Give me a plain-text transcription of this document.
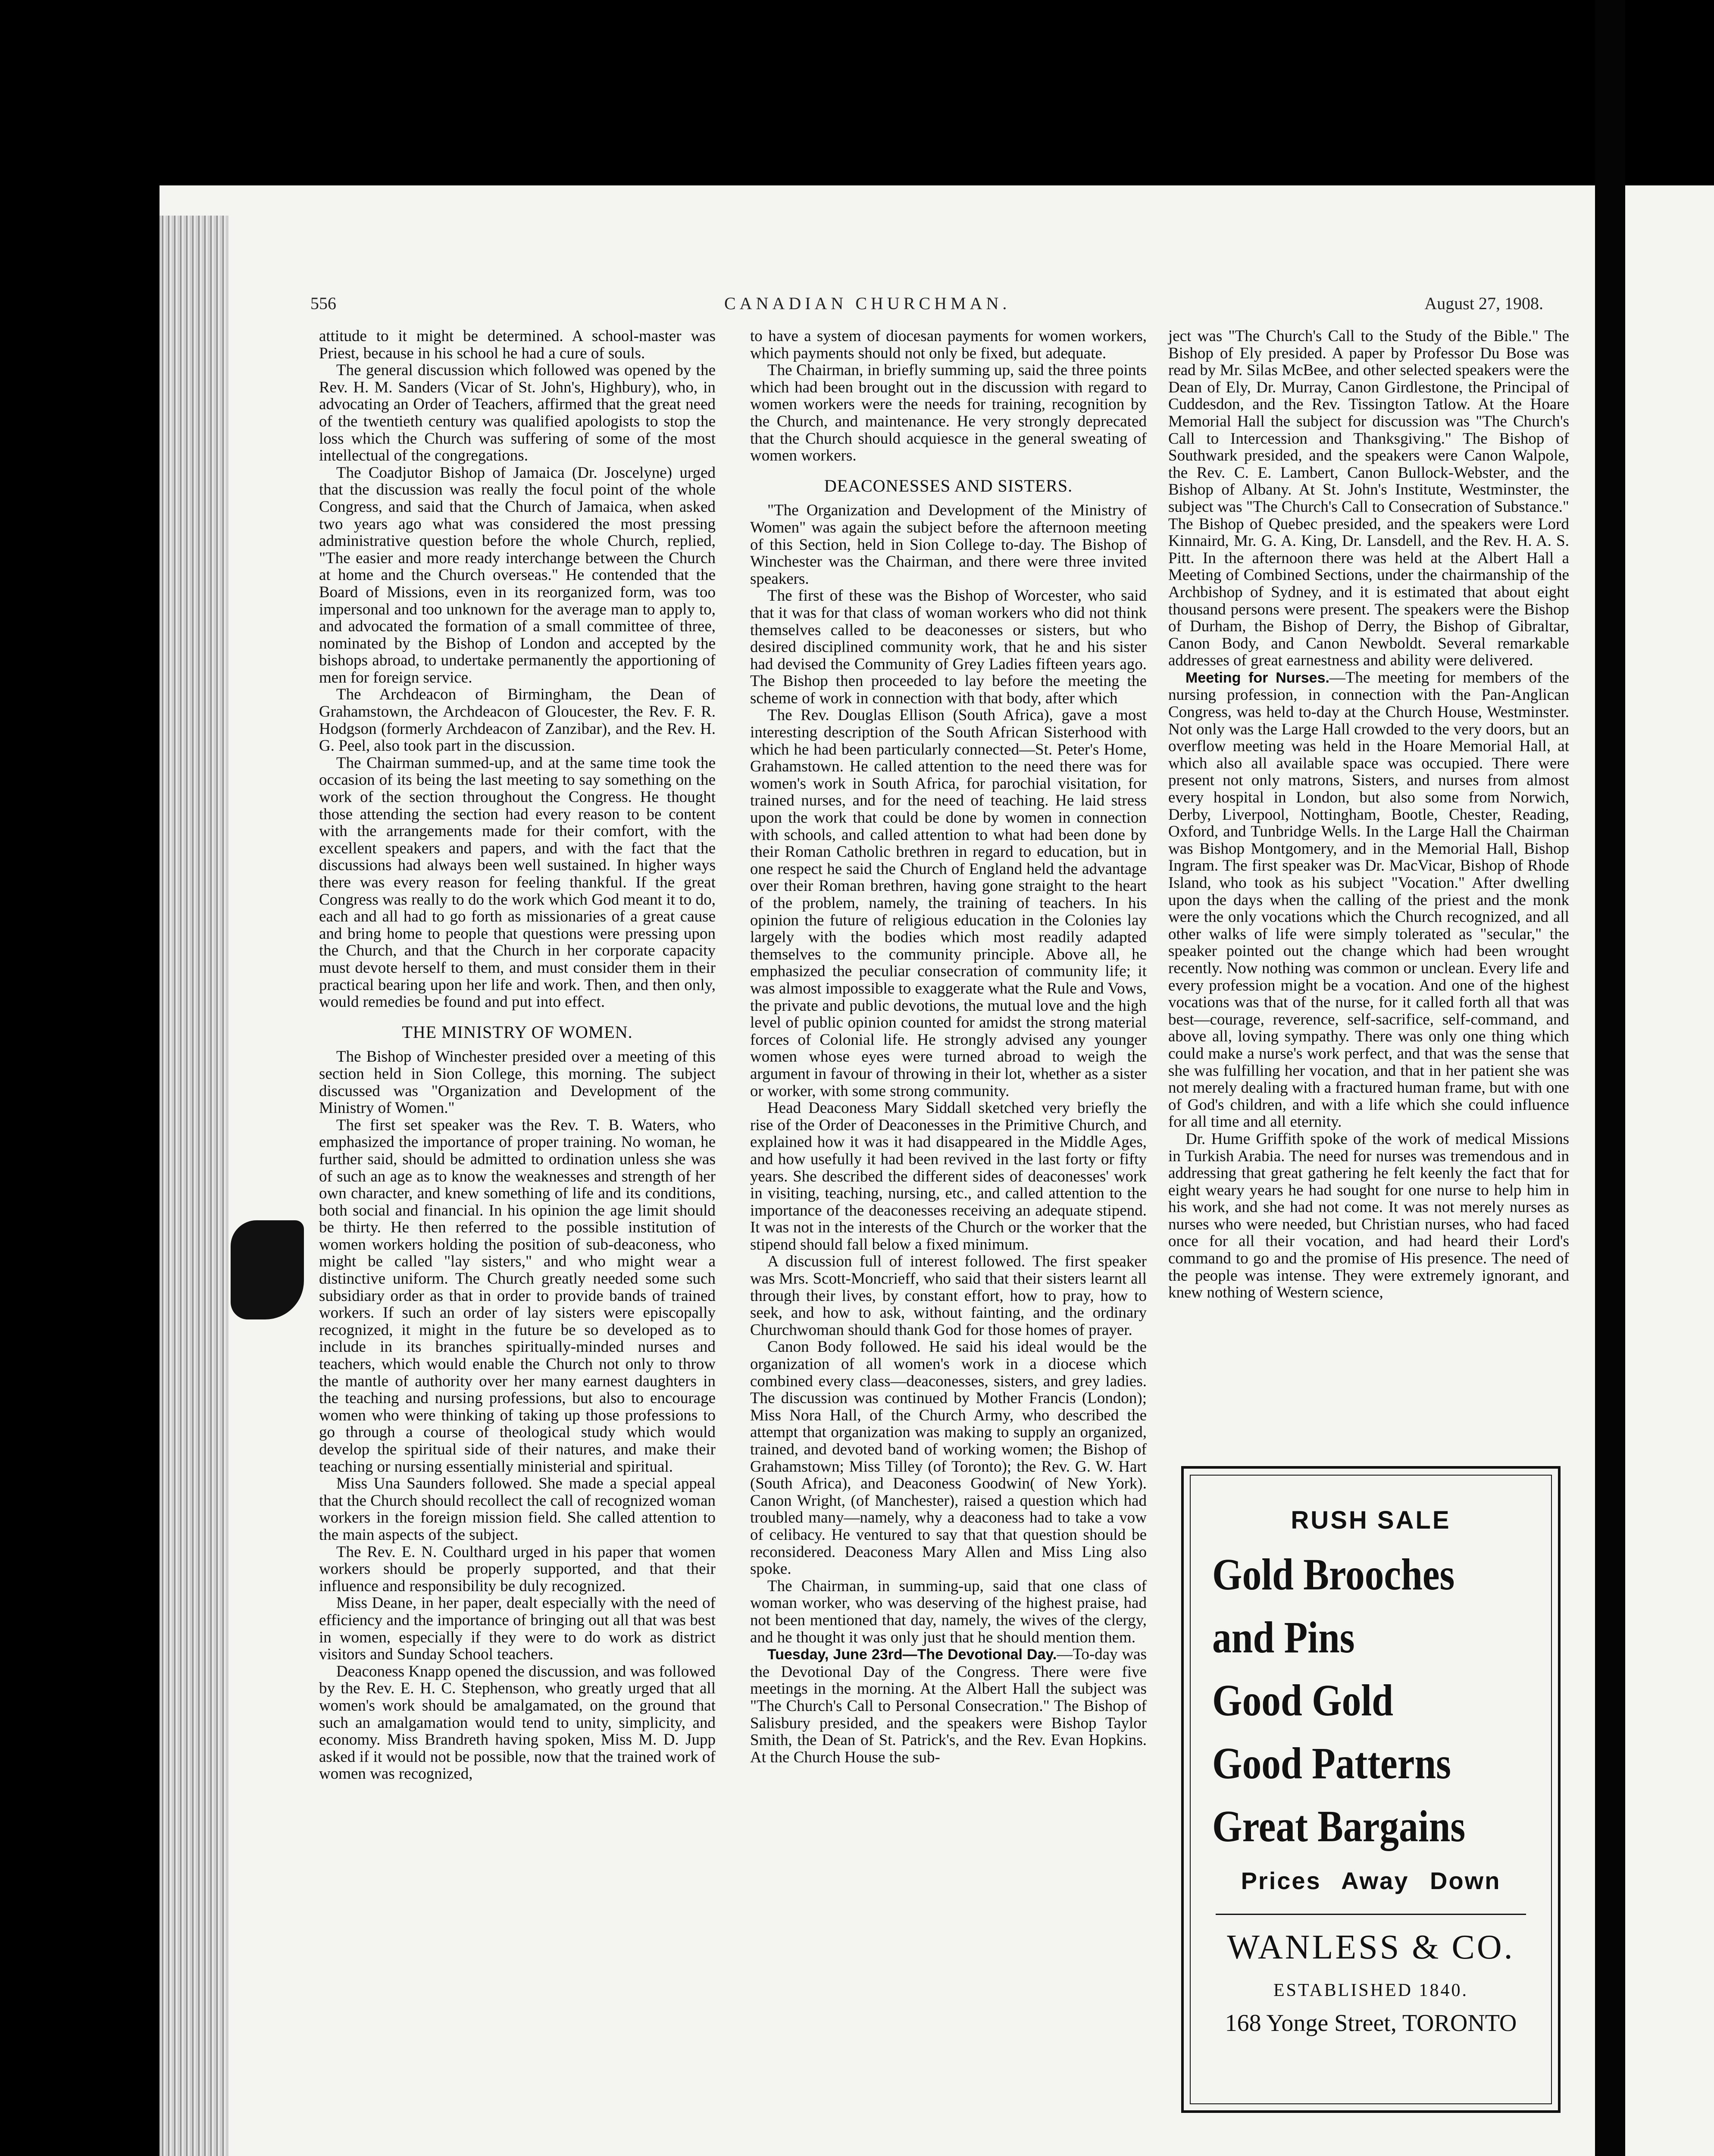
556	CANADIAN CHURCHMAN.	August 27, 1908.

attitude to it might be determined. A school-master was Priest, because in his school he had a cure of souls.

The general discussion which followed was opened by the Rev. H. M. Sanders (Vicar of St. John's, Highbury), who, in advocating an Order of Teachers, affirmed that the great need of the twentieth century was qualified apologists to stop the loss which the Church was suffering of some of the most intellectual of the congregations.

The Coadjutor Bishop of Jamaica (Dr. Joscelyne) urged that the discussion was really the focul point of the whole Congress, and said that the Church of Jamaica, when asked two years ago what was considered the most pressing administrative question before the whole Church, replied, "The easier and more ready interchange between the Church at home and the Church overseas." He contended that the Board of Missions, even in its reorganized form, was too impersonal and too unknown for the average man to apply to, and advocated the formation of a small committee of three, nominated by the Bishop of London and accepted by the bishops abroad, to undertake permanently the apportioning of men for foreign service.

The Archdeacon of Birmingham, the Dean of Grahamstown, the Archdeacon of Gloucester, the Rev. F. R. Hodgson (formerly Archdeacon of Zanzibar), and the Rev. H. G. Peel, also took part in the discussion.

The Chairman summed-up, and at the same time took the occasion of its being the last meeting to say something on the work of the section throughout the Congress. He thought those attending the section had every reason to be content with the arrangements made for their comfort, with the excellent speakers and papers, and with the fact that the discussions had always been well sustained. In higher ways there was every reason for feeling thankful. If the great Congress was really to do the work which God meant it to do, each and all had to go forth as missionaries of a great cause and bring home to people that questions were pressing upon the Church, and that the Church in her corporate capacity must devote herself to them, and must consider them in their practical bearing upon her life and work. Then, and then only, would remedies be found and put into effect.

THE MINISTRY OF WOMEN.

The Bishop of Winchester presided over a meeting of this section held in Sion College, this morning. The subject discussed was "Organization and Development of the Ministry of Women."

The first set speaker was the Rev. T. B. Waters, who emphasized the importance of proper training. No woman, he further said, should be admitted to ordination unless she was of such an age as to know the weaknesses and strength of her own character, and knew something of life and its conditions, both social and financial. In his opinion the age limit should be thirty. He then referred to the possible institution of women workers holding the position of sub-deaconess, who might be called "lay sisters," and who might wear a distinctive uniform. The Church greatly needed some such subsidiary order as that in order to provide bands of trained workers. If such an order of lay sisters were episcopally recognized, it might in the future be so developed as to include in its branches spiritually-minded nurses and teachers, which would enable the Church not only to throw the mantle of authority over her many earnest daughters in the teaching and nursing professions, but also to encourage women who were thinking of taking up those professions to go through a course of theological study which would develop the spiritual side of their natures, and make their teaching or nursing essentially ministerial and spiritual.

Miss Una Saunders followed. She made a special appeal that the Church should recollect the call of recognized woman workers in the foreign mission field. She called attention to the main aspects of the subject.

The Rev. E. N. Coulthard urged in his paper that women workers should be properly supported, and that their influence and responsibility be duly recognized.

Miss Deane, in her paper, dealt especially with the need of efficiency and the importance of bringing out all that was best in women, especially if they were to do work as district visitors and Sunday School teachers.

Deaconess Knapp opened the discussion, and was followed by the Rev. E. H. C. Stephenson, who greatly urged that all women's work should be amalgamated, on the ground that such an amalgamation would tend to unity, simplicity, and economy. Miss Brandreth having spoken, Miss M. D. Jupp asked if it would not be possible, now that the trained work of women was recognized,

to have a system of diocesan payments for women workers, which payments should not only be fixed, but adequate.

The Chairman, in briefly summing up, said the three points which had been brought out in the discussion with regard to women workers were the needs for training, recognition by the Church, and maintenance. He very strongly deprecated that the Church should acquiesce in the general sweating of women workers.

DEACONESSES AND SISTERS.

"The Organization and Development of the Ministry of Women" was again the subject before the afternoon meeting of this Section, held in Sion College to-day. The Bishop of Winchester was the Chairman, and there were three invited speakers.

The first of these was the Bishop of Worcester, who said that it was for that class of woman workers who did not think themselves called to be deaconesses or sisters, but who desired disciplined community work, that he and his sister had devised the Community of Grey Ladies fifteen years ago. The Bishop then proceeded to lay before the meeting the scheme of work in connection with that body, after which

The Rev. Douglas Ellison (South Africa), gave a most interesting description of the South African Sisterhood with which he had been particularly connected—St. Peter's Home, Grahamstown. He called attention to the need there was for women's work in South Africa, for parochial visitation, for trained nurses, and for the need of teaching. He laid stress upon the work that could be done by women in connection with schools, and called attention to what had been done by their Roman Catholic brethren in regard to education, but in one respect he said the Church of England held the advantage over their Roman brethren, having gone straight to the heart of the problem, namely, the training of teachers. In his opinion the future of religious education in the Colonies lay largely with the bodies which most readily adapted themselves to the community principle. Above all, he emphasized the peculiar consecration of community life; it was almost impossible to exaggerate what the Rule and Vows, the private and public devotions, the mutual love and the high level of public opinion counted for amidst the strong material forces of Colonial life. He strongly advised any younger women whose eyes were turned abroad to weigh the argument in favour of throwing in their lot, whether as a sister or worker, with some strong community.

Head Deaconess Mary Siddall sketched very briefly the rise of the Order of Deaconesses in the Primitive Church, and explained how it was it had disappeared in the Middle Ages, and how usefully it had been revived in the last forty or fifty years. She described the different sides of deaconesses' work in visiting, teaching, nursing, etc., and called attention to the importance of the deaconesses receiving an adequate stipend. It was not in the interests of the Church or the worker that the stipend should fall below a fixed minimum.

A discussion full of interest followed. The first speaker was Mrs. Scott-Moncrieff, who said that their sisters learnt all through their lives, by constant effort, how to pray, how to seek, and how to ask, without fainting, and the ordinary Churchwoman should thank God for those homes of prayer.

Canon Body followed. He said his ideal would be the organization of all women's work in a diocese which combined every class—deaconesses, sisters, and grey ladies. The discussion was continued by Mother Francis (London); Miss Nora Hall, of the Church Army, who described the attempt that organization was making to supply an organized, trained, and devoted band of working women; the Bishop of Grahamstown; Miss Tilley (of Toronto); the Rev. G. W. Hart (South Africa), and Deaconess Goodwin( of New York). Canon Wright, (of Manchester), raised a question which had troubled many—namely, why a deaconess had to take a vow of celibacy. He ventured to say that that question should be reconsidered. Deaconess Mary Allen and Miss Ling also spoke.

The Chairman, in summing-up, said that one class of woman worker, who was deserving of the highest praise, had not been mentioned that day, namely, the wives of the clergy, and he thought it was only just that he should mention them.

Tuesday, June 23rd—The Devotional Day.—To-day was the Devotional Day of the Congress. There were five meetings in the morning. At the Albert Hall the subject was "The Church's Call to Personal Consecration." The Bishop of Salisbury presided, and the speakers were Bishop Taylor Smith, the Dean of St. Patrick's, and the Rev. Evan Hopkins. At the Church House the sub-

ject was "The Church's Call to the Study of the Bible." The Bishop of Ely presided. A paper by Professor Du Bose was read by Mr. Silas McBee, and other selected speakers were the Dean of Ely, Dr. Murray, Canon Girdlestone, the Principal of Cuddesdon, and the Rev. Tissington Tatlow. At the Hoare Memorial Hall the subject for discussion was "The Church's Call to Intercession and Thanksgiving." The Bishop of Southwark presided, and the speakers were Canon Walpole, the Rev. C. E. Lambert, Canon Bullock-Webster, and the Bishop of Albany. At St. John's Institute, Westminster, the subject was "The Church's Call to Consecration of Substance." The Bishop of Quebec presided, and the speakers were Lord Kinnaird, Mr. G. A. King, Dr. Lansdell, and the Rev. H. A. S. Pitt. In the afternoon there was held at the Albert Hall a Meeting of Combined Sections, under the chairmanship of the Archbishop of Sydney, and it is estimated that about eight thousand persons were present. The speakers were the Bishop of Durham, the Bishop of Derry, the Bishop of Gibraltar, Canon Body, and Canon Newboldt. Several remarkable addresses of great earnestness and ability were delivered.

Meeting for Nurses.—The meeting for members of the nursing profession, in connection with the Pan-Anglican Congress, was held to-day at the Church House, Westminster. Not only was the Large Hall crowded to the very doors, but an overflow meeting was held in the Hoare Memorial Hall, at which also all available space was occupied. There were present not only matrons, Sisters, and nurses from almost every hospital in London, but also some from Norwich, Derby, Liverpool, Nottingham, Bootle, Chester, Reading, Oxford, and Tunbridge Wells. In the Large Hall the Chairman was Bishop Montgomery, and in the Memorial Hall, Bishop Ingram. The first speaker was Dr. MacVicar, Bishop of Rhode Island, who took as his subject "Vocation." After dwelling upon the days when the calling of the priest and the monk were the only vocations which the Church recognized, and all other walks of life were simply tolerated as "secular," the speaker pointed out the change which had been wrought recently. Now nothing was common or unclean. Every life and every profession might be a vocation. And one of the highest vocations was that of the nurse, for it called forth all that was best—courage, reverence, self-sacrifice, self-command, and above all, loving sympathy. There was only one thing which could make a nurse's work perfect, and that was the sense that she was fulfilling her vocation, and that in her patient she was not merely dealing with a fractured human frame, but with one of God's children, and with a life which she could influence for all time and all eternity.

Dr. Hume Griffith spoke of the work of medical Missions in Turkish Arabia. The need for nurses was tremendous and in addressing that great gathering he felt keenly the fact that for eight weary years he had sought for one nurse to help him in his work, and she had not come. It was not merely nurses as nurses who were needed, but Christian nurses, who had faced once for all their vocation, and had heard their Lord's command to go and the promise of His presence. The need of the people was intense. They were extremely ignorant, and knew nothing of Western science,

RUSH SALE
Gold Brooches
and Pins
Good Gold
Good Patterns
Great Bargains
Prices Away Down
WANLESS & CO.
ESTABLISHED 1840.
168 Yonge Street, TORONTO
